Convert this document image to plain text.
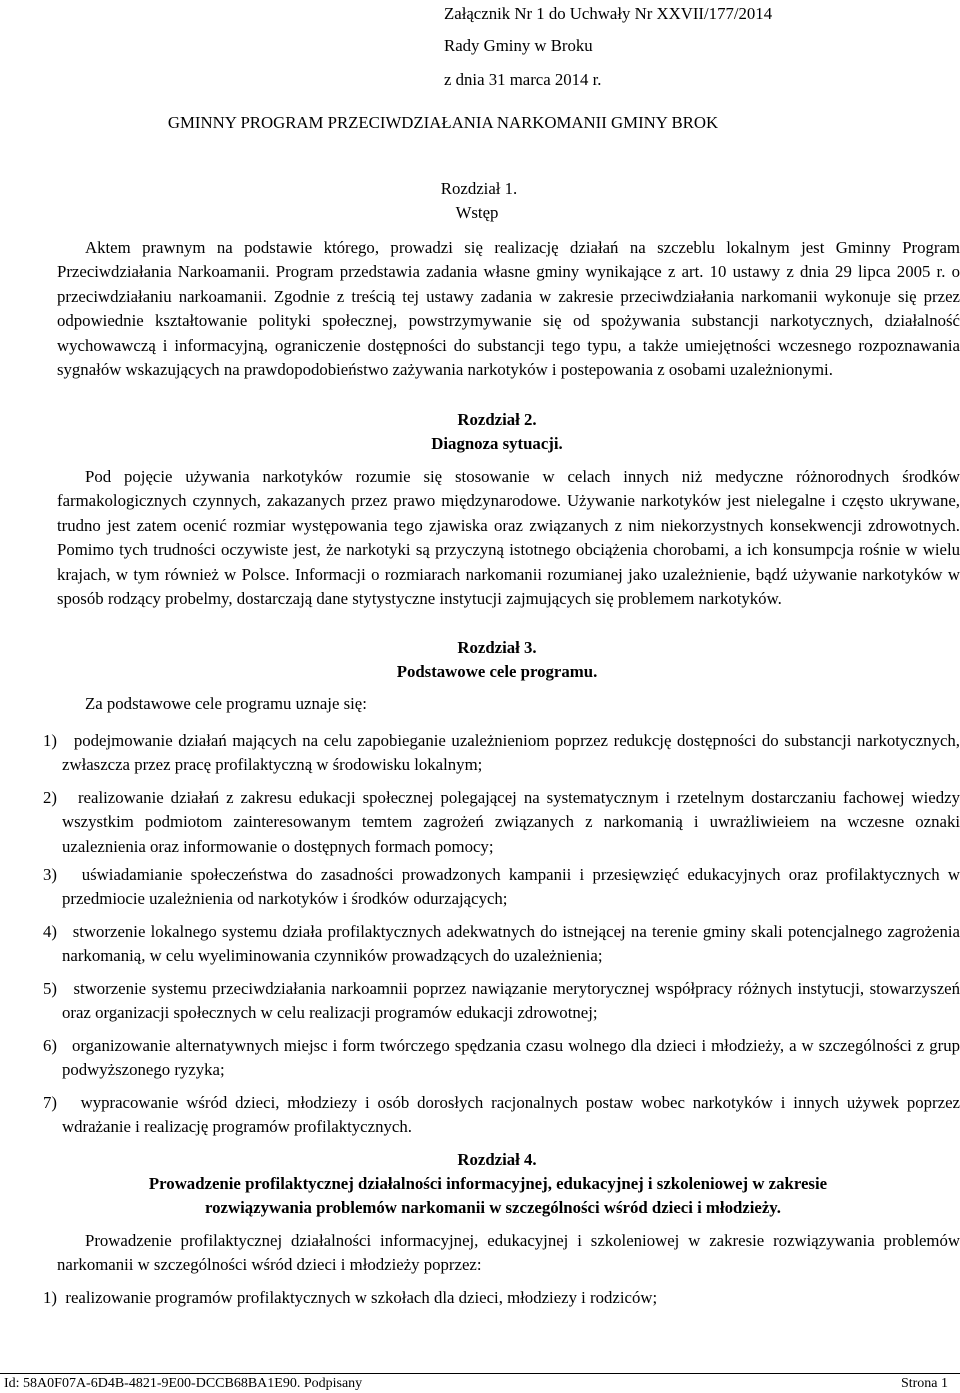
Załącznik Nr 1 do Uchwały Nr XXVII/177/2014

Rady Gminy w Broku

z dnia 31 marca 2014 r.

GMINNY PROGRAM PRZECIWDZIAŁANIA NARKOMANII GMINY BROK

Rozdział 1.

Wstęp

Aktem prawnym na podstawie którego, prowadzi się realizację działań na szczeblu lokalnym jest Gminny Program Przeciwdziałania Narkoamanii. Program przedstawia zadania własne gminy wynikające z art. 10 ustawy z dnia 29 lipca 2005 r. o przeciwdziałaniu narkoamanii. Zgodnie z treścią tej ustawy zadania w zakresie przeciwdziałania narkomanii wykonuje się przez odpowiednie kształtowanie polityki społecznej, powstrzymywanie się od spożywania substancji narkotycznych, działalność wychowawczą i informacyjną, ograniczenie dostępności do substancji tego typu, a także umiejętności wczesnego rozpoznawania sygnałów wskazujących na prawdopodobieństwo zażywania narkotyków i postepowania z osobami uzależnionymi.

Rozdział 2.

Diagnoza sytuacji.

Pod pojęcie używania narkotyków rozumie się stosowanie w celach innych niż medyczne różnorodnych środków farmakologicznych czynnych, zakazanych przez prawo międzynarodowe. Używanie narkotyków jest nielegalne i często ukrywane, trudno jest zatem ocenić rozmiar występowania tego zjawiska oraz związanych z nim niekorzystnych konsekwencji zdrowotnych. Pomimo tych trudności oczywiste jest, że narkotyki są przyczyną istotnego obciążenia chorobami, a ich konsumpcja rośnie w wielu krajach, w tym również w Polsce. Informacji o rozmiarach narkomanii rozumianej jako uzależnienie, bądź używanie narkotyków w sposób rodzący probelmy, dostarczają dane stytystyczne instytucji zajmujących się problemem narkotyków.

Rozdział 3.

Podstawowe cele programu.

Za podstawowe cele programu uznaje się:

1) podejmowanie działań mających na celu zapobieganie uzależnieniom poprzez redukcję dostępności do substancji narkotycznych, zwłaszcza przez pracę profilaktyczną w środowisku lokalnym;

2) realizowanie działań z zakresu edukacji społecznej polegającej na systematycznym i rzetelnym dostarczaniu fachowej wiedzy wszystkim podmiotom zainteresowanym temtem zagrożeń związanych z narkomanią i uwrażliwieiem na wczesne oznaki uzaleznienia oraz informowanie o dostępnych formach pomocy;

3) uświadamianie społeczeństwa do zasadności prowadzonych kampanii i przesięwzięć edukacyjnych oraz profilaktycznych w przedmiocie uzależnienia od narkotyków i środków odurzających;

4) stworzenie lokalnego systemu działa profilaktycznych adekwatnych do istnejącej na terenie gminy skali potencjalnego zagrożenia narkomanią, w celu wyeliminowania czynników prowadzących do uzależnienia;

5) stworzenie systemu przeciwdziałania narkoamnii poprzez nawiązanie merytorycznej współpracy różnych instytucji, stowarzyszeń oraz organizacji społecznych w celu realizacji programów edukacji zdrowotnej;

6) organizowanie alternatywnych miejsc i form twórczego spędzania czasu wolnego dla dzieci i młodzieży, a w szczególności z grup podwyższonego ryzyka;

7) wypracowanie wśród dzieci, młodziezy i osób dorosłych racjonalnych postaw wobec narkotyków i innych używek poprzez wdrażanie i realizację programów profilaktycznych.

Rozdział 4.

Prowadzenie profilaktycznej działalności informacyjnej, edukacyjnej i szkoleniowej w zakresie

rozwiązywania problemów narkomanii w szczególności wśród dzieci i młodzieży.

Prowadzenie profilaktycznej działalności informacyjnej, edukacyjnej i szkoleniowej w zakresie rozwiązywania problemów narkomanii w szczególności wśród dzieci i młodzieży poprzez:

1) realizowanie programów profilaktycznych w szkołach dla dzieci, młodziezy i rodziców;

Id: 58A0F07A-6D4B-4821-9E00-DCCB68BA1E90. Podpisany	Strona 1
